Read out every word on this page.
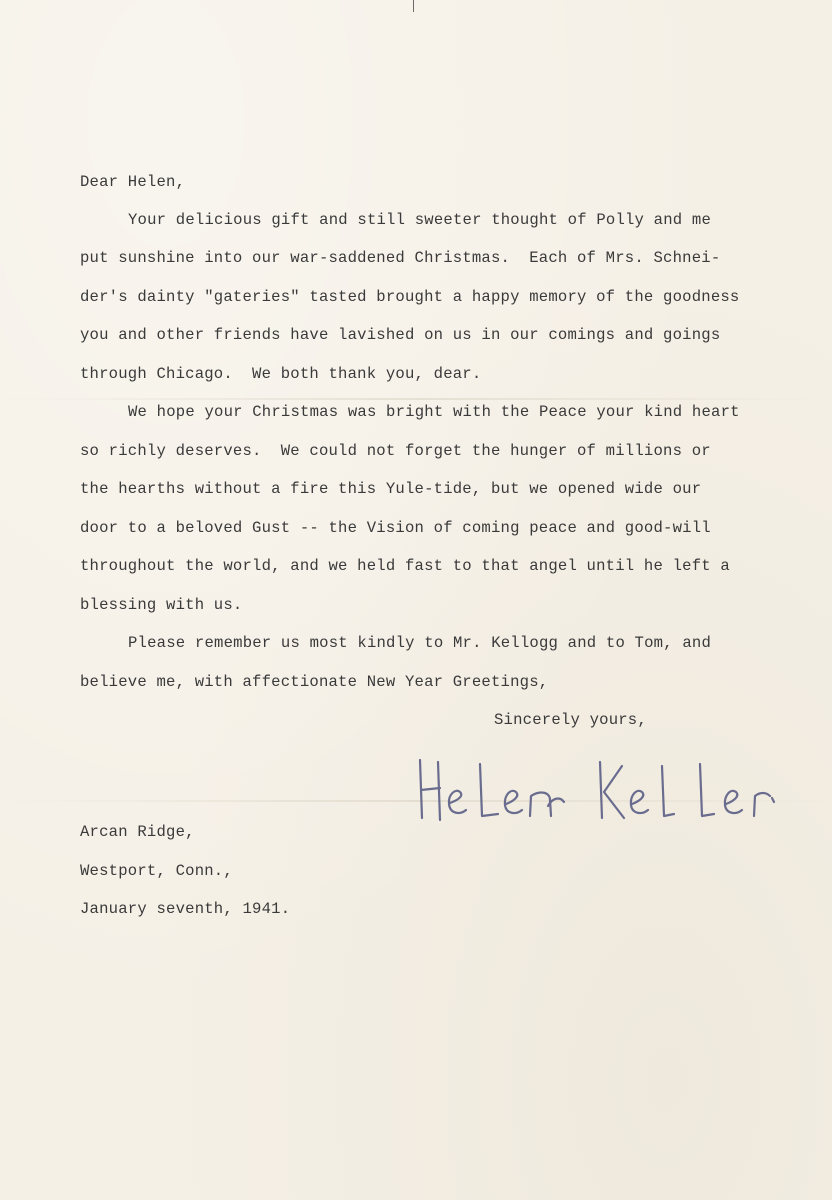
Dear Helen,
Your delicious gift and still sweeter thought of Polly and me
put sunshine into our war-saddened Christmas.  Each of Mrs. Schnei-
der's dainty "gateries" tasted brought a happy memory of the goodness
you and other friends have lavished on us in our comings and goings
through Chicago.  We both thank you, dear.
We hope your Christmas was bright with the Peace your kind heart
so richly deserves.  We could not forget the hunger of millions or
the hearths without a fire this Yule-tide, but we opened wide our
door to a beloved Gust -- the Vision of coming peace and good-will
throughout the world, and we held fast to that angel until he left a
blessing with us.
Please remember us most kindly to Mr. Kellogg and to Tom, and
believe me, with affectionate New Year Greetings,
Sincerely yours,
Arcan Ridge,
Westport, Conn.,
January seventh, 1941.
